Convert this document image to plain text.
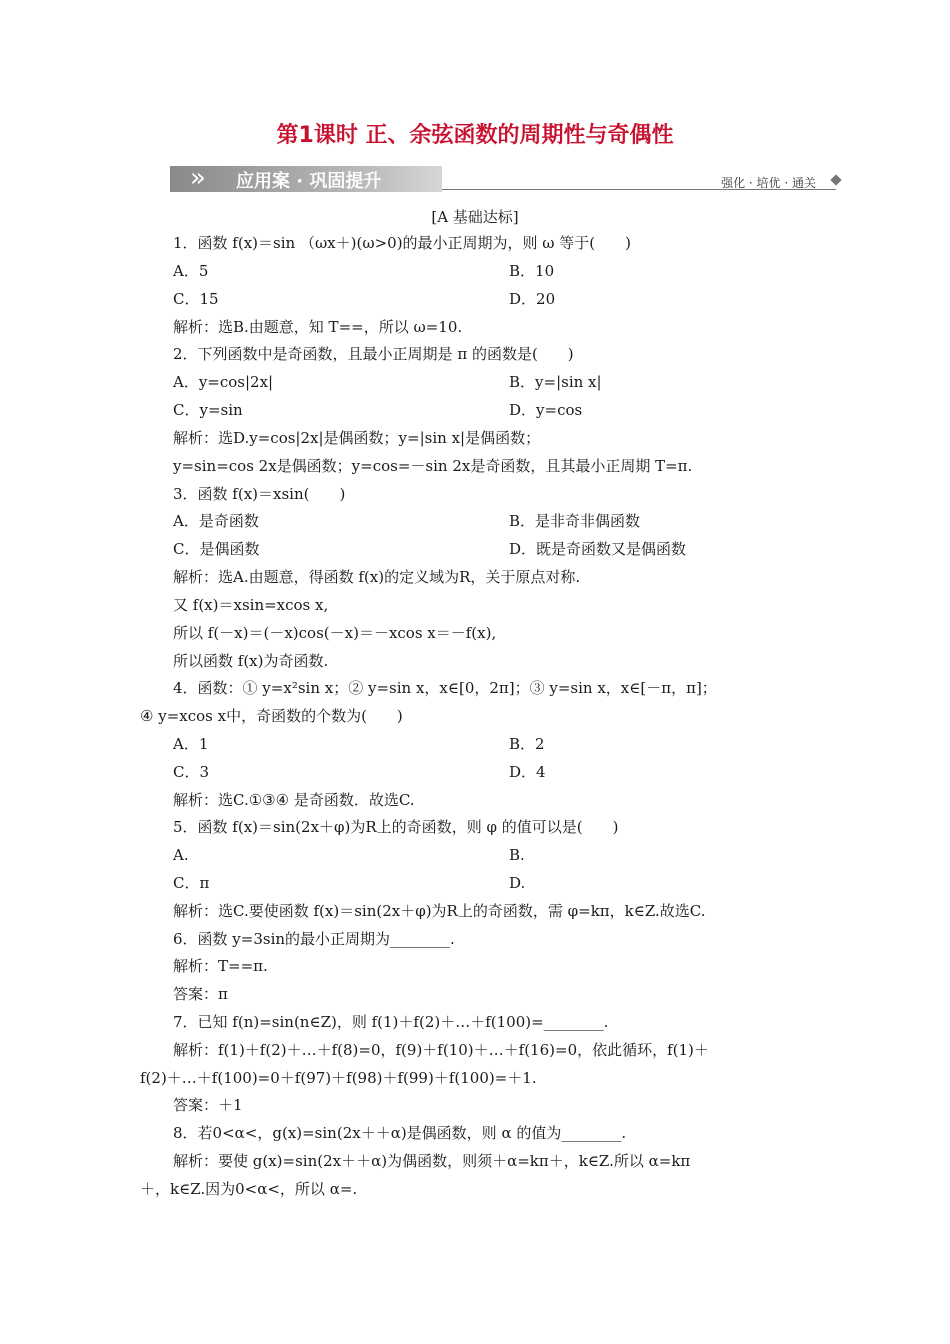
第1课时 正、余弦函数的周期性与奇偶性
» 应用案 · 巩固提升	强化 · 培优 · 通关
[A 基础达标]
1．函数 f(x)＝sin （ωx＋)(ω>0)的最小正周期为，则 ω 等于(　　)
A．5	B．10
C．15	D．20
解析：选B.由题意，知 T==，所以 ω=10.
2．下列函数中是奇函数，且最小正周期是 π 的函数是(　　)
A．y=cos|2x|	B．y=|sin x|
C．y=sin	D．y=cos
解析：选D.y=cos|2x|是偶函数；y=|sin x|是偶函数；
y=sin=cos 2x是偶函数；y=cos=－sin 2x是奇函数，且其最小正周期 T=π.
3．函数 f(x)＝xsin(　　)
A．是奇函数	B．是非奇非偶函数
C．是偶函数	D．既是奇函数又是偶函数
解析：选A.由题意，得函数 f(x)的定义域为R，关于原点对称.
又 f(x)＝xsin=xcos x,
所以 f(－x)＝(－x)cos(－x)＝－xcos x＝－f(x),
所以函数 f(x)为奇函数.
4．函数：① y=x²sin x；② y=sin x，x∈[0，2π]；③ y=sin x，x∈[－π，π]；
④ y=xcos x中，奇函数的个数为(　　)
A．1	B．2
C．3	D．4
解析：选C.①③④ 是奇函数．故选C.
5．函数 f(x)＝sin(2x＋φ)为R上的奇函数，则 φ 的值可以是(　　)
A.	B.
C．π	D.
解析：选C.要使函数 f(x)＝sin(2x＋φ)为R上的奇函数，需 φ=kπ，k∈Z.故选C.
6．函数 y=3sin的最小正周期为________.
解析：T==π.
答案：π
7．已知 f(n)=sin(n∈Z)，则 f(1)＋f(2)＋…＋f(100)=________.
解析：f(1)＋f(2)＋…＋f(8)=0，f(9)＋f(10)＋…＋f(16)=0，依此循环，f(1)＋
f(2)＋…＋f(100)=0＋f(97)＋f(98)＋f(99)＋f(100)=＋1.
答案：＋1
8．若0<α<，g(x)=sin(2x＋＋α)是偶函数，则 α 的值为________.
解析：要使 g(x)=sin(2x＋＋α)为偶函数，则须＋α=kπ＋，k∈Z.所以 α=kπ
＋，k∈Z.因为0<α<，所以 α=.
